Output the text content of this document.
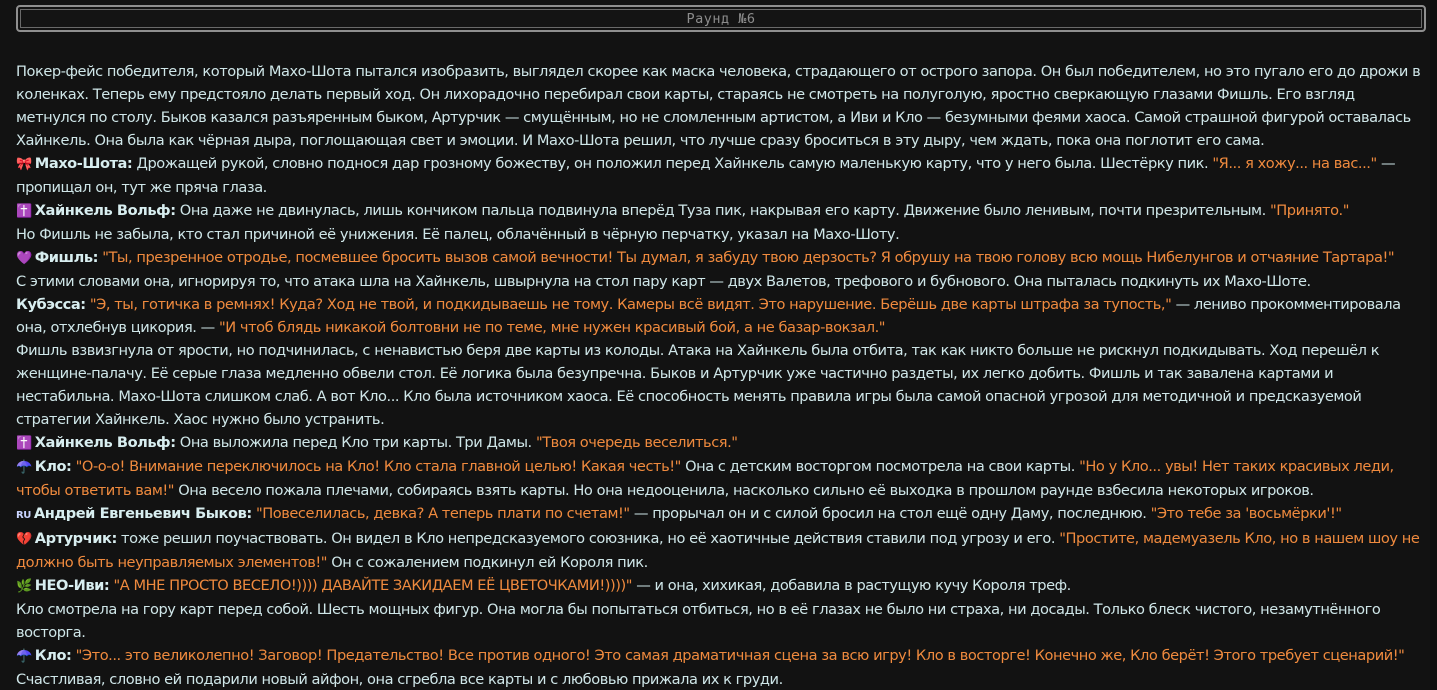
Раунд №6

Покер-фейс победителя, который Махо-Шота пытался изобразить, выглядел скорее как маска человека, страдающего от острого запора. Он был победителем, но это пугало его до дрожи в коленках. Теперь ему предстояло делать первый ход. Он лихорадочно перебирал свои карты, стараясь не смотреть на полуголую, яростно сверкающую глазами Фишль. Его взгляд метнулся по столу. Быков казался разъяренным быком, Артурчик — смущённым, но не сломленным артистом, а Иви и Кло — безумными феями хаоса. Самой страшной фигурой оставалась Хайнкель. Она была как чёрная дыра, поглощающая свет и эмоции. И Махо-Шота решил, что лучше сразу броситься в эту дыру, чем ждать, пока она поглотит его сама.

🎀 Махо-Шота: Дрожащей рукой, словно поднося дар грозному божеству, он положил перед Хайнкель самую маленькую карту, что у него была. Шестёрку пик. "Я... я хожу... на вас..." — пропищал он, тут же пряча глаза.

✝️ Хайнкель Вольф: Она даже не двинулась, лишь кончиком пальца подвинула вперёд Туза пик, накрывая его карту. Движение было ленивым, почти презрительным. "Принято."

Но Фишль не забыла, кто стал причиной её унижения. Её палец, облачённый в чёрную перчатку, указал на Махо-Шоту.

💜 Фишль: "Ты, презренное отродье, посмевшее бросить вызов самой вечности! Ты думал, я забуду твою дерзость? Я обрушу на твою голову всю мощь Нибелунгов и отчаяние Тартара!"

С этими словами она, игнорируя то, что атака шла на Хайнкель, швырнула на стол пару карт — двух Валетов, трефового и бубнового. Она пыталась подкинуть их Махо-Шоте.

Кубэсса: "Э, ты, готичка в ремнях! Куда? Ход не твой, и подкидываешь не тому. Камеры всё видят. Это нарушение. Берёшь две карты штрафа за тупость," — лениво прокомментировала она, отхлебнув цикория. — "И чтоб блядь никакой болтовни не по теме, мне нужен красивый бой, а не базар-вокзал."

Фишль взвизгнула от ярости, но подчинилась, с ненавистью беря две карты из колоды. Атака на Хайнкель была отбита, так как никто больше не рискнул подкидывать. Ход перешёл к женщине-палачу. Её серые глаза медленно обвели стол. Её логика была безупречна. Быков и Артурчик уже частично раздеты, их легко добить. Фишль и так завалена картами и нестабильна. Махо-Шота слишком слаб. А вот Кло... Кло была источником хаоса. Её способность менять правила игры была самой опасной угрозой для методичной и предсказуемой стратегии Хайнкель. Хаос нужно было устранить.

✝️ Хайнкель Вольф: Она выложила перед Кло три карты. Три Дамы. "Твоя очередь веселиться."

☂️ Кло: "О-о-о! Внимание переключилось на Кло! Кло стала главной целью! Какая честь!" Она с детским восторгом посмотрела на свои карты. "Но у Кло... увы! Нет таких красивых леди, чтобы ответить вам!" Она весело пожала плечами, собираясь взять карты. Но она недооценила, насколько сильно её выходка в прошлом раунде взбесила некоторых игроков.

RU Андрей Евгеньевич Быков: "Повеселилась, девка? А теперь плати по счетам!" — прорычал он и с силой бросил на стол ещё одну Даму, последнюю. "Это тебе за 'восьмёрки'!"

💔 Артурчик: тоже решил поучаствовать. Он видел в Кло непредсказуемого союзника, но её хаотичные действия ставили под угрозу и его. "Простите, мадемуазель Кло, но в нашем шоу не должно быть неуправляемых элементов!" Он с сожалением подкинул ей Короля пик.

🌿 НЕО-Иви: "А МНЕ ПРОСТО ВЕСЕЛО!)))) ДАВАЙТЕ ЗАКИДАЕМ ЕЁ ЦВЕТОЧКАМИ!))))" — и она, хихикая, добавила в растущую кучу Короля треф.

Кло смотрела на гору карт перед собой. Шесть мощных фигур. Она могла бы попытаться отбиться, но в её глазах не было ни страха, ни досады. Только блеск чистого, незамутнённого восторга.

☂️ Кло: "Это... это великолепно! Заговор! Предательство! Все против одного! Это самая драматичная сцена за всю игру! Кло в восторге! Конечно же, Кло берёт! Этого требует сценарий!"

Счастливая, словно ей подарили новый айфон, она сгребла все карты и с любовью прижала их к груди.
